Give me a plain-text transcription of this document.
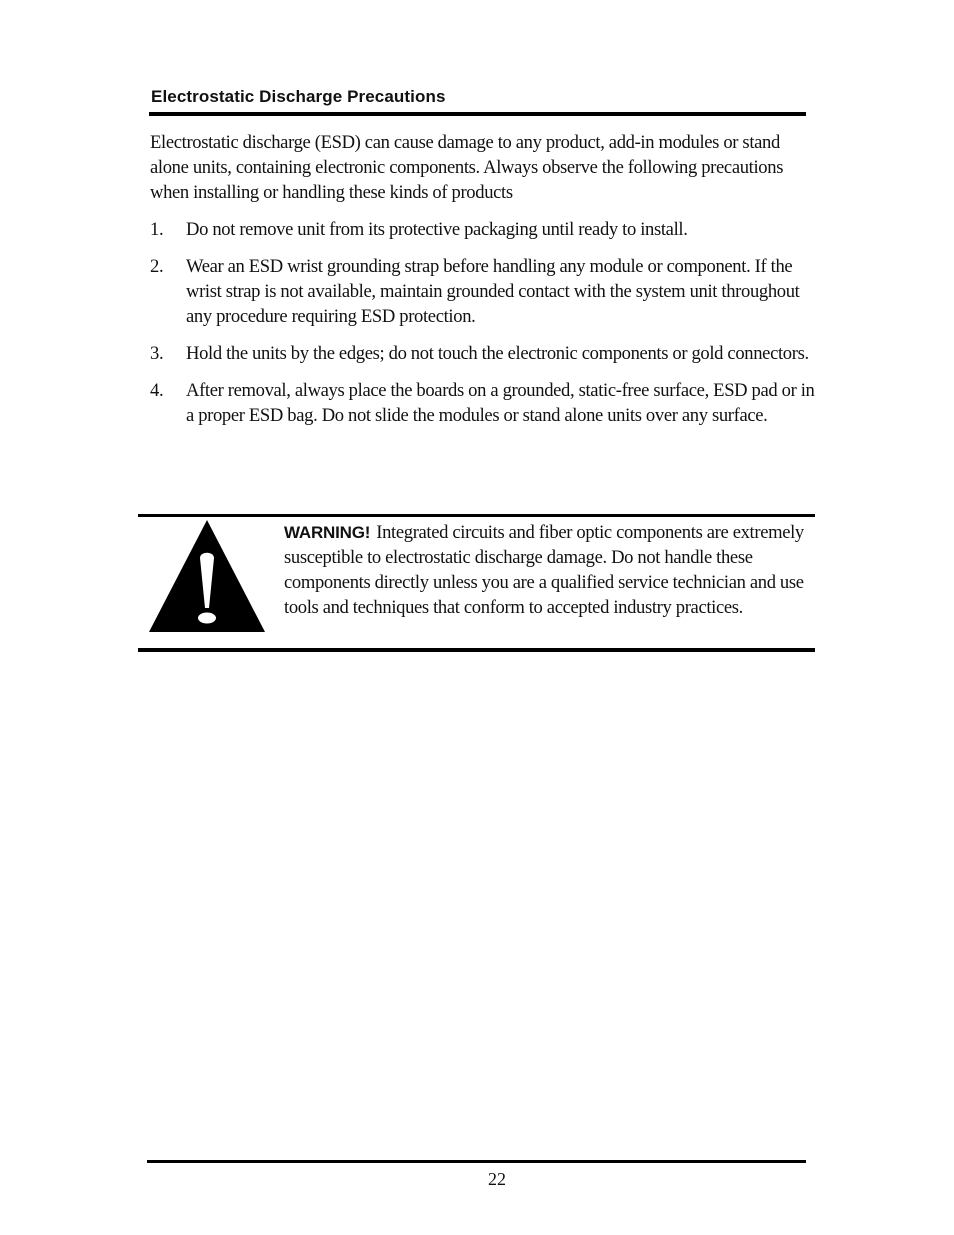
Electrostatic Discharge Precautions

Electrostatic discharge (ESD) can cause damage to any product, add-in modules or stand alone units, containing electronic components. Always observe the following precautions when installing or handling these kinds of products

1. Do not remove unit from its protective packaging until ready to install.
2. Wear an ESD wrist grounding strap before handling any module or component. If the wrist strap is not available, maintain grounded contact with the system unit throughout any procedure requiring ESD protection.
3. Hold the units by the edges; do not touch the electronic components or gold connectors.
4. After removal, always place the boards on a grounded, static-free surface, ESD pad or in a proper ESD bag. Do not slide the modules or stand alone units over any surface.

WARNING! Integrated circuits and fiber optic components are extremely susceptible to electrostatic discharge damage. Do not handle these components directly unless you are a qualified service technician and use tools and techniques that conform to accepted industry practices.

22
